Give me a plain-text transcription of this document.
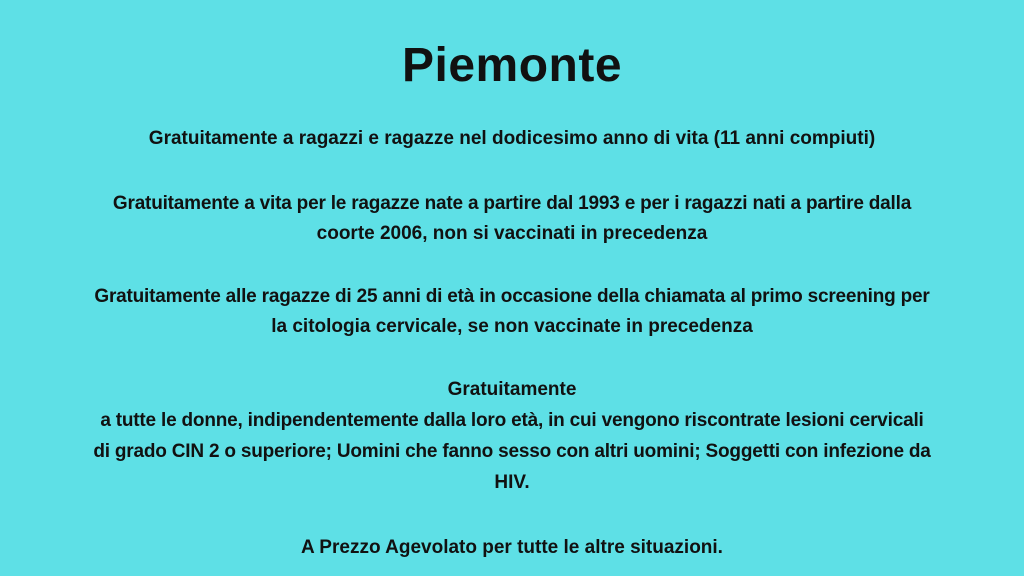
Piemonte

Gratuitamente a ragazzi e ragazze nel dodicesimo anno di vita (11 anni compiuti)

Gratuitamente a vita per le ragazze nate a partire dal 1993 e per i ragazzi nati a partire dalla

coorte 2006, non si vaccinati in precedenza

Gratuitamente alle ragazze di 25 anni di età in occasione della chiamata al primo screening per

la citologia cervicale, se non vaccinate in precedenza

Gratuitamente

a tutte le donne, indipendentemente dalla loro età, in cui vengono riscontrate lesioni cervicali

di grado CIN 2 o superiore; Uomini che fanno sesso con altri uomini; Soggetti con infezione da

HIV.

A Prezzo Agevolato per tutte le altre situazioni.
